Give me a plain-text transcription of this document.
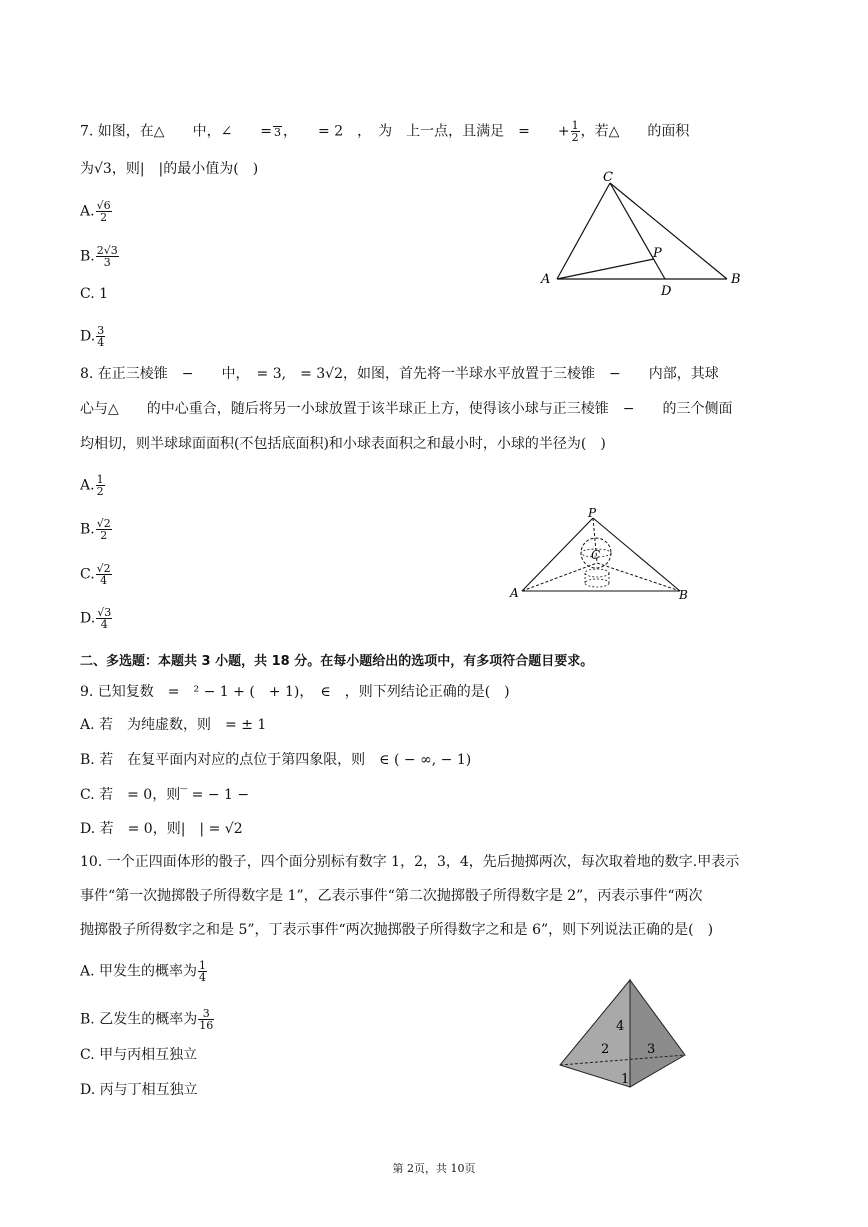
7. 如图，在△　　中，∠　　= 3 ，　　= 2　，　为　上一点，且满足　=　　+ $\frac{1}{2}$ ，若△　　的面积
为√3，则|　|的最小值为(　)
A. $\frac{√6}{2}$
B. $\frac{2√3}{3}$
C. 1
D. $\frac{3}{4}$
C
P
A
D
B
8. 在正三棱锥　−　　中，　= 3,　= 3√2，如图，首先将一半球水平放置于三棱锥　−　　内部，其球
心与△　　的中心重合，随后将另一小球放置于该半球正上方，使得该小球与正三棱锥　−　　的三个侧面
均相切，则半球球面面积(不包括底面积)和小球表面积之和最小时，小球的半径为(　)
A. $\frac{1}{2}$
B. $\frac{√2}{2}$
C. $\frac{√2}{4}$
D. $\frac{√3}{4}$
P
C
A	B
二、多选题：本题共 3 小题，共 18 分。在每小题给出的选项中，有多项符合题目要求。
9. 已知复数　=　² − 1 + (　+ 1)，　∈　，则下列结论正确的是(　)
A. 若　为纯虚数，则　= ± 1
B. 若　在复平面内对应的点位于第四象限，则　∈ ( − ∞, − 1)
C. 若　= 0，则‾ = − 1 −
D. 若　= 0，则|　| = √2
10. 一个正四面体形的骰子，四个面分别标有数字 1，2，3，4，先后抛掷两次，每次取着地的数字.甲表示
事件“第一次抛掷骰子所得数字是 1”，乙表示事件“第二次抛掷骰子所得数字是 2”，丙表示事件“两次
抛掷骰子所得数字之和是 5”，丁表示事件“两次抛掷骰子所得数字之和是 6”，则下列说法正确的是(　)
A. 甲发生的概率为 $\frac{1}{4}$
B. 乙发生的概率为 $\frac{3}{16}$
C. 甲与丙相互独立
D. 丙与丁相互独立
4
2	3
1
第 2页，共 10页
